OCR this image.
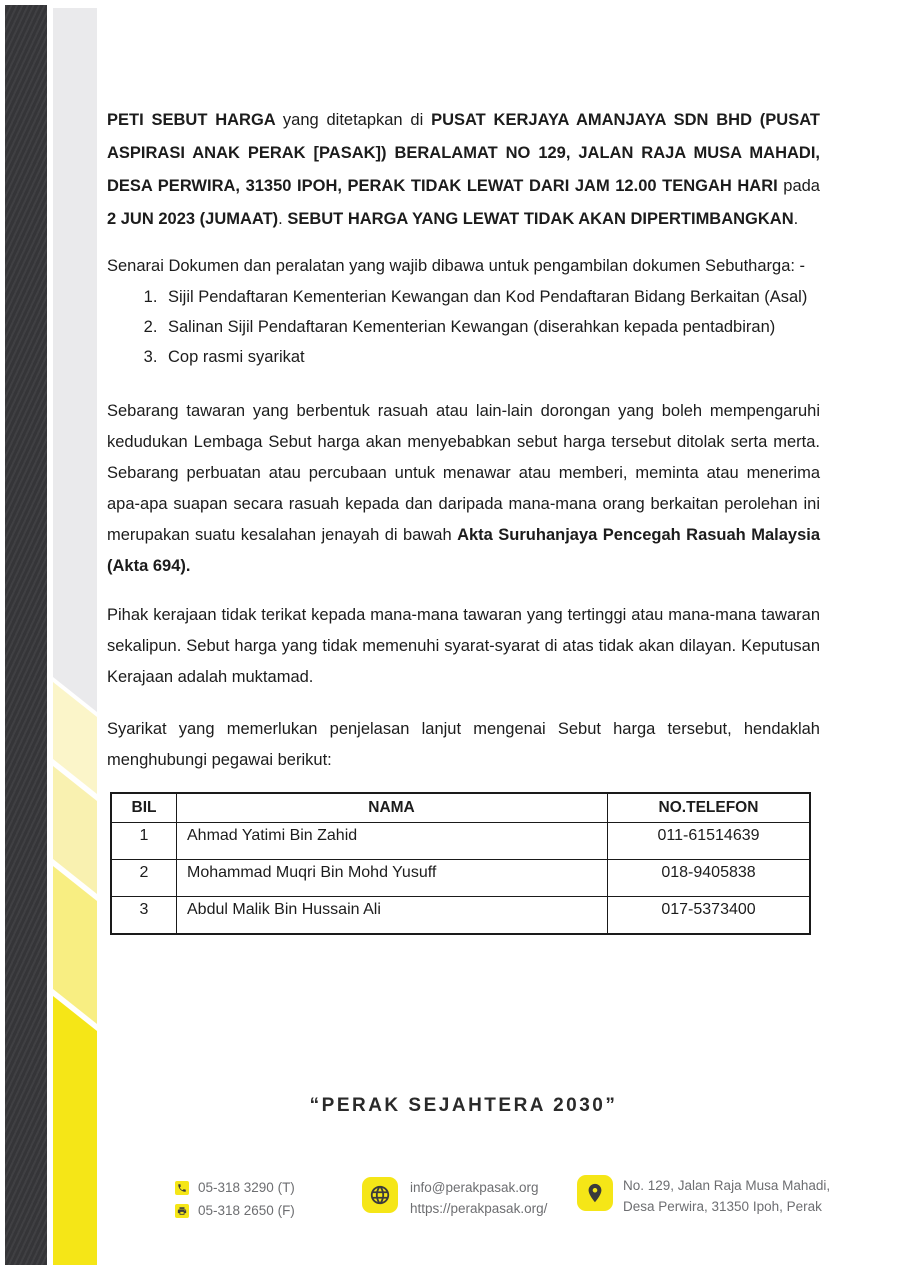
PETI SEBUT HARGA yang ditetapkan di PUSAT KERJAYA AMANJAYA SDN BHD (PUSAT ASPIRASI ANAK PERAK [PASAK]) BERALAMAT NO 129, JALAN RAJA MUSA MAHADI, DESA PERWIRA, 31350 IPOH, PERAK TIDAK LEWAT DARI JAM 12.00 TENGAH HARI pada 2 JUN 2023 (JUMAAT). SEBUT HARGA YANG LEWAT TIDAK AKAN DIPERTIMBANGKAN.

Senarai Dokumen dan peralatan yang wajib dibawa untuk pengambilan dokumen Sebutharga: -

1. Sijil Pendaftaran Kementerian Kewangan dan Kod Pendaftaran Bidang Berkaitan (Asal)
2. Salinan Sijil Pendaftaran Kementerian Kewangan (diserahkan kepada pentadbiran)
3. Cop rasmi syarikat

Sebarang tawaran yang berbentuk rasuah atau lain-lain dorongan yang boleh mempengaruhi kedudukan Lembaga Sebut harga akan menyebabkan sebut harga tersebut ditolak serta merta. Sebarang perbuatan atau percubaan untuk menawar atau memberi, meminta atau menerima apa-apa suapan secara rasuah kepada dan daripada mana-mana orang berkaitan perolehan ini merupakan suatu kesalahan jenayah di bawah Akta Suruhanjaya Pencegah Rasuah Malaysia (Akta 694).

Pihak kerajaan tidak terikat kepada mana-mana tawaran yang tertinggi atau mana-mana tawaran sekalipun. Sebut harga yang tidak memenuhi syarat-syarat di atas tidak akan dilayan. Keputusan Kerajaan adalah muktamad.

Syarikat yang memerlukan penjelasan lanjut mengenai Sebut harga tersebut, hendaklah menghubungi pegawai berikut:

BIL	NAMA	NO.TELEFON
1	Ahmad Yatimi Bin Zahid	011-61514639
2	Mohammad Muqri Bin Mohd Yusuff	018-9405838
3	Abdul Malik Bin Hussain Ali	017-5373400
“PERAK SEJAHTERA 2030”
05-318 3290 (T)
05-318 2650 (F)
info@perakpasak.org
https://perakpasak.org/
No. 129, Jalan Raja Musa Mahadi,
Desa Perwira, 31350 Ipoh, Perak
